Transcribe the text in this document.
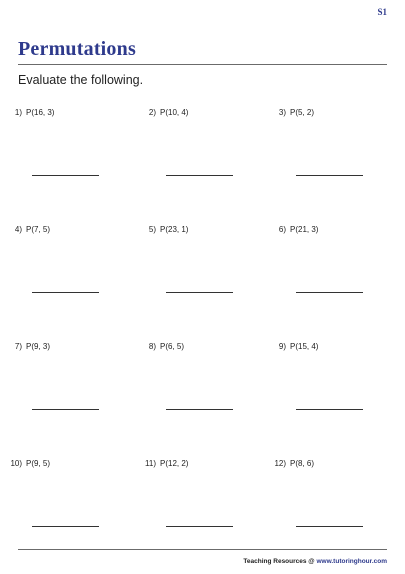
S1
Permutations
Evaluate the following.
1) P(16, 3)	2) P(10, 4)	3) P(5, 2)
4) P(7, 5)	5) P(23, 1)	6) P(21, 3)
7) P(9, 3)	8) P(6, 5)	9) P(15, 4)
10) P(9, 5)	11) P(12, 2)	12) P(8, 6)
Teaching Resources @ www.tutoringhour.com
